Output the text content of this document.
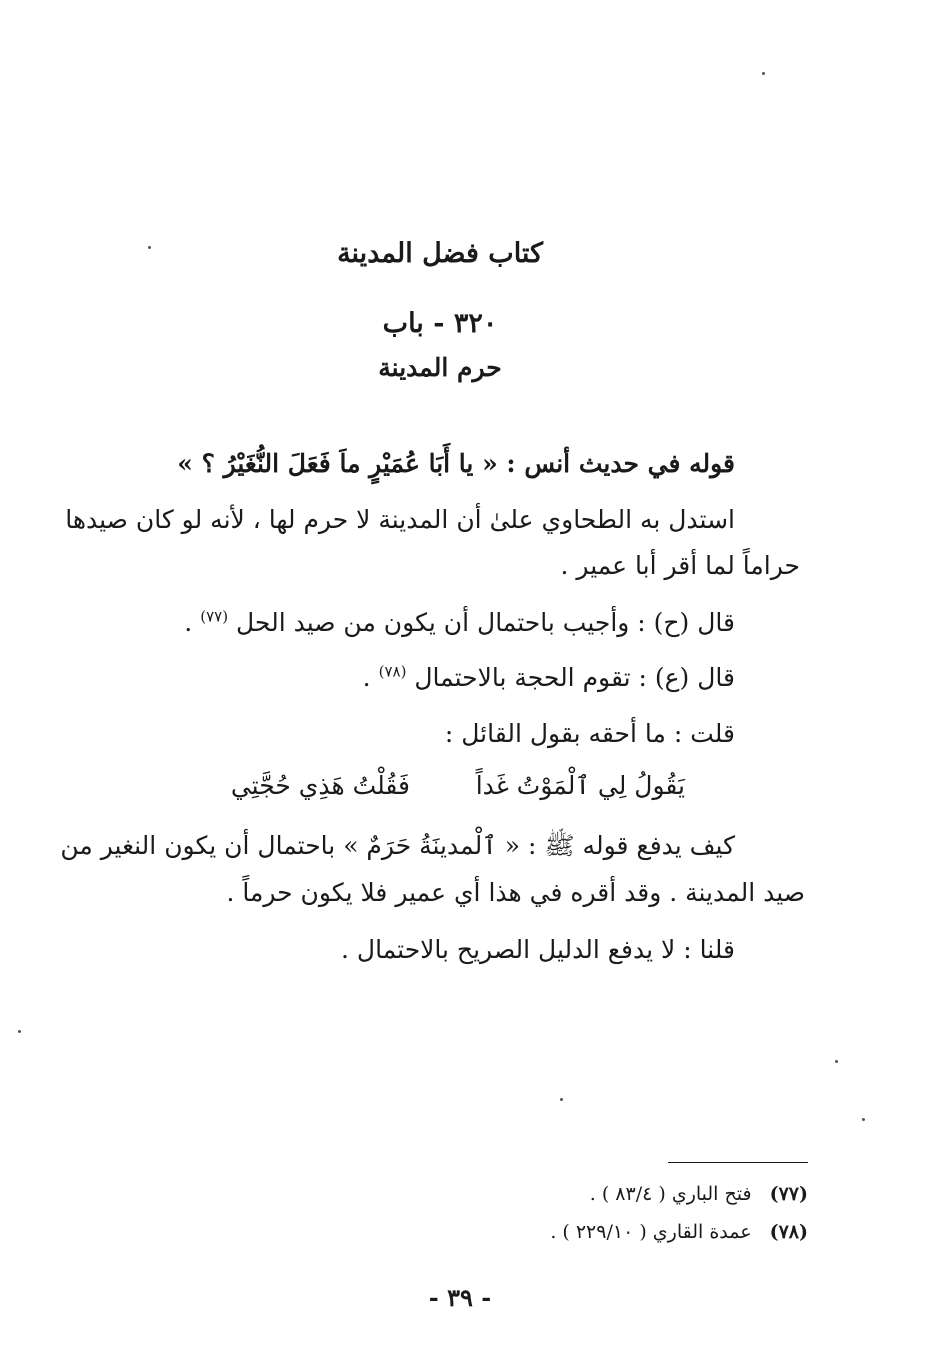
كتاب فضل المدينة
٣٢٠ - باب
حرم المدينة
قوله في حديث أنس : « يا أَبَا عُمَيْرٍ ماَ فَعَلَ النُّغَيْرُ ؟ »
استدل به الطحاوي علىٰ أن المدينة لا حرم لها ، لأنه لو كان صيدها
حراماً لما أقر أبا عمير .
قال (ح) : وأجيب باحتمال أن يكون من صيد الحل $^{(٧٧)}$ .
قال (ع) : تقوم الحجة بالاحتمال $^{(٧٨)}$ .
قلت : ما أحقه بقول القائل :
يَقُولُ لِي ٱلْمَوْتُ غَداً
فَقُلْتُ هَذِي حُجَّتِي
كيف يدفع قوله ﷺ : « ٱلْمدينَةُ حَرَمٌ » باحتمال أن يكون النغير من
صيد المدينة . وقد أقره في هذا أي عمير فلا يكون حرماً .
قلنا : لا يدفع الدليل الصريح بالاحتمال .
(٧٧)فتح الباري ( ٨٣/٤ ) .
(٧٨)عمدة القاري ( ٢٢٩/١٠ ) .
- ٣٩ -
